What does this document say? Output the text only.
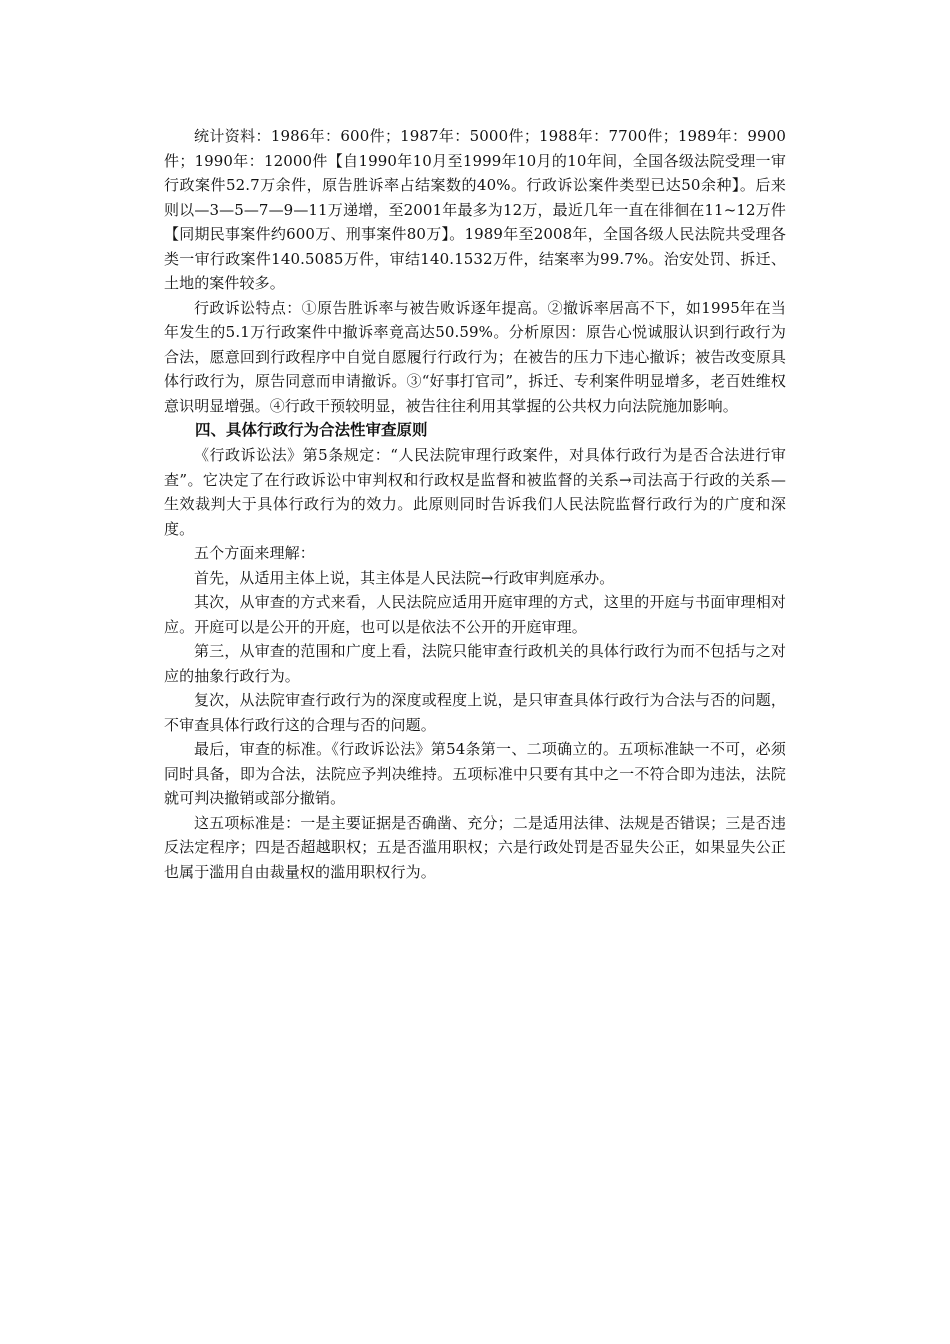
统计资料：1986年：600件；1987年：5000件；1988年：7700件；1989年：9900件；1990年：12000件【自1990年10月至1999年10月的10年间，全国各级法院受理一审行政案件52.7万余件，原告胜诉率占结案数的40%。行政诉讼案件类型已达50余种】。后来则以—3—5—7—9—11万递增，至2001年最多为12万，最近几年一直在徘徊在11~12万件【同期民事案件约600万、刑事案件80万】。1989年至2008年，全国各级人民法院共受理各类一审行政案件140.5085万件，审结140.1532万件，结案率为99.7%。治安处罚、拆迁、土地的案件较多。

行政诉讼特点：①原告胜诉率与被告败诉逐年提高。②撤诉率居高不下，如1995年在当年发生的5.1万行政案件中撤诉率竟高达50.59%。分析原因：原告心悦诚服认识到行政行为合法，愿意回到行政程序中自觉自愿履行行政行为；在被告的压力下违心撤诉；被告改变原具体行政行为，原告同意而申请撤诉。③“好事打官司”，拆迁、专利案件明显增多，老百姓维权意识明显增强。④行政干预较明显，被告往往利用其掌握的公共权力向法院施加影响。

四、具体行政行为合法性审查原则

《行政诉讼法》第5条规定：“人民法院审理行政案件，对具体行政行为是否合法进行审查”。它决定了在行政诉讼中审判权和行政权是监督和被监督的关系→司法高于行政的关系—生效裁判大于具体行政行为的效力。此原则同时告诉我们人民法院监督行政行为的广度和深度。

五个方面来理解：

首先，从适用主体上说，其主体是人民法院→行政审判庭承办。

其次，从审查的方式来看，人民法院应适用开庭审理的方式，这里的开庭与书面审理相对应。开庭可以是公开的开庭，也可以是依法不公开的开庭审理。

第三，从审查的范围和广度上看，法院只能审查行政机关的具体行政行为而不包括与之对应的抽象行政行为。

复次，从法院审查行政行为的深度或程度上说，是只审查具体行政行为合法与否的问题，不审查具体行政行这的合理与否的问题。

最后，审查的标准。《行政诉讼法》第54条第一、二项确立的。五项标准缺一不可，必须同时具备，即为合法，法院应予判决维持。五项标准中只要有其中之一不符合即为违法，法院就可判决撤销或部分撤销。

这五项标准是：一是主要证据是否确凿、充分；二是适用法律、法规是否错误；三是否违反法定程序；四是否超越职权；五是否滥用职权；六是行政处罚是否显失公正，如果显失公正也属于滥用自由裁量权的滥用职权行为。
